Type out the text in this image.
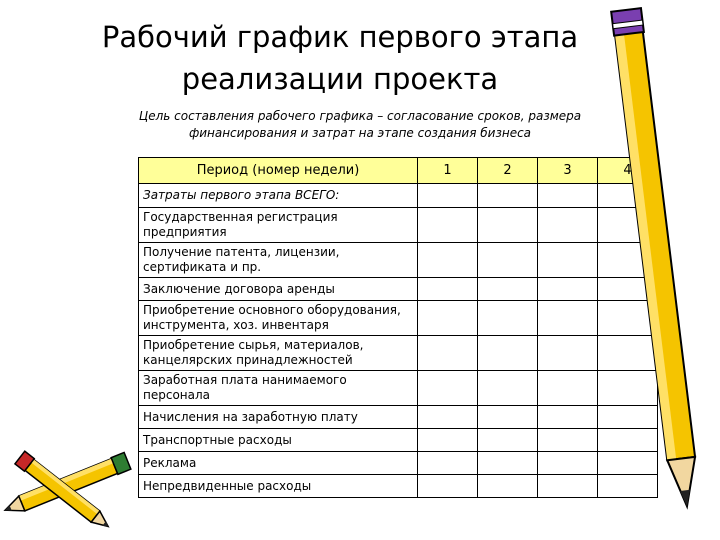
Рабочий график первого этапа
реализации проекта
Цель составления рабочего графика – согласование сроков, размера
финансирования и затрат на этапе создания бизнеса
Период (номер недели)	1	2	3	4
Затраты первого этапа ВСЕГО:				
Государственная регистрация предприятия				
Получение патента, лицензии, сертификата и пр.				
Заключение договора аренды				
Приобретение основного оборудования, инструмента, хоз. инвентаря				
Приобретение сырья, материалов, канцелярских принадлежностей				
Заработная плата нанимаемого персонала				
Начисления на заработную плату				
Транспортные расходы				
Реклама				
Непредвиденные расходы				
